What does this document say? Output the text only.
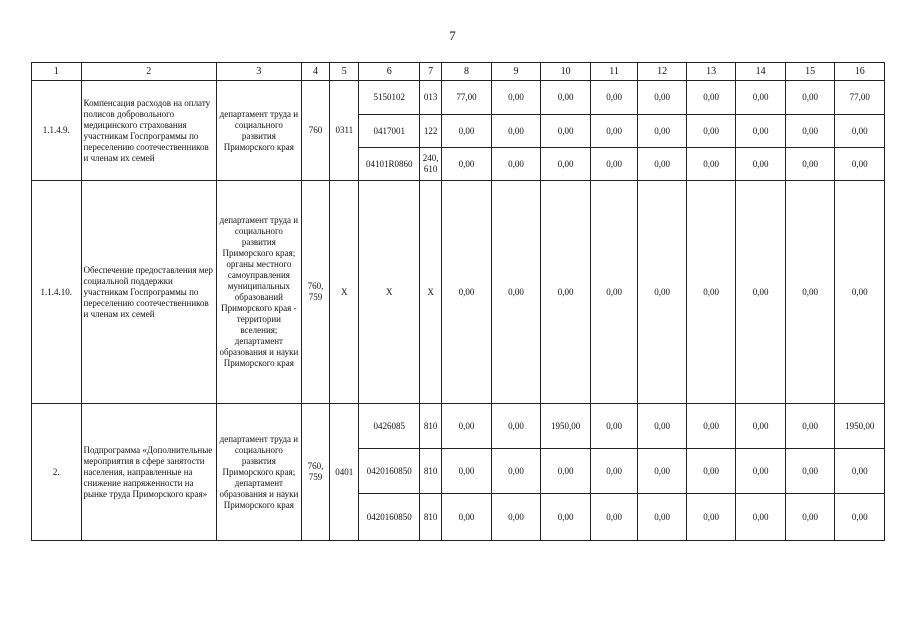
7
1	2	3	4	5	6	7	8	9	10	11	12	13	14	15	16
1.1.4.9.	Компенсация расходов на оплату полисов добровольного медицинского страхования участникам Госпрограммы по переселению соотечественников и членам их семей	департамент труда и социального развития Приморского края	760	0311	5150102	013	77,00	0,00	0,00	0,00	0,00	0,00	0,00	0,00	77,00
					0417001	122	0,00	0,00	0,00	0,00	0,00	0,00	0,00	0,00	0,00
					04101R0860	240, 610	0,00	0,00	0,00	0,00	0,00	0,00	0,00	0,00	0,00
1.1.4.10.	Обеспечение предоставления мер социальной поддержки участникам Госпрограммы по переселению соотечественников и членам их семей	департамент труда и социального развития Приморского края; органы местного самоуправления муниципальных образований Приморского края - территории вселения; департамент образования и науки Приморского края	760, 759	X	X	X	0,00	0,00	0,00	0,00	0,00	0,00	0,00	0,00	0,00
2.	Подпрограмма «Дополнительные мероприятия в сфере занятости населения, направленные на снижение напряженности на рынке труда Приморского края»	департамент труда и социального развития Приморского края; департамент образования и науки Приморского края	760, 759	0401	0426085	810	0,00	0,00	1950,00	0,00	0,00	0,00	0,00	0,00	1950,00
					0420160850	810	0,00	0,00	0,00	0,00	0,00	0,00	0,00	0,00	0,00
					0420160850	810	0,00	0,00	0,00	0,00	0,00	0,00	0,00	0,00	0,00
